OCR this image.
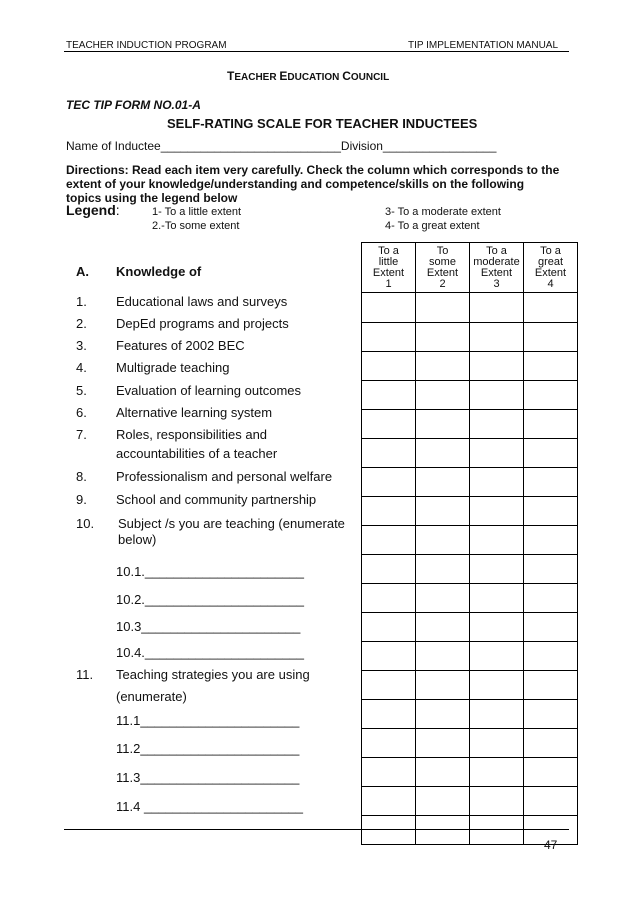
TEACHER INDUCTION PROGRAM	TIP IMPLEMENTATION MANUAL
TEACHER EDUCATION COUNCIL
TEC TIP FORM NO.01-A
SELF-RATING SCALE FOR TEACHER INDUCTEES
Name of Inductee___________________________Division_________________
Directions: Read each item very carefully. Check the column which corresponds to the
extent of your knowledge/understanding and competence/skills on the following
topics using the legend below
Legend:	1- To a little extent
2.-To some extent
3- To a moderate extent
4- To a great extent
A. Knowledge of
To a
little
Extent
1	To
some
Extent
2	To a
moderate
Extent
3	To a
great
Extent
4

1. Educational laws and surveys
2. DepEd programs and projects
3. Features of 2002 BEC
4. Multigrade teaching
5. Evaluation of learning outcomes
6. Alternative learning system
7. Roles, responsibilities and
accountabilities of a teacher
8. Professionalism and personal welfare
9. School and community partnership
10. Subject /s you are teaching (enumerate
below)
10.1.______________________
10.2.______________________
10.3______________________
10.4.______________________
11. Teaching strategies you are using
(enumerate)
11.1______________________
11.2______________________
11.3______________________
11.4 ______________________
47
